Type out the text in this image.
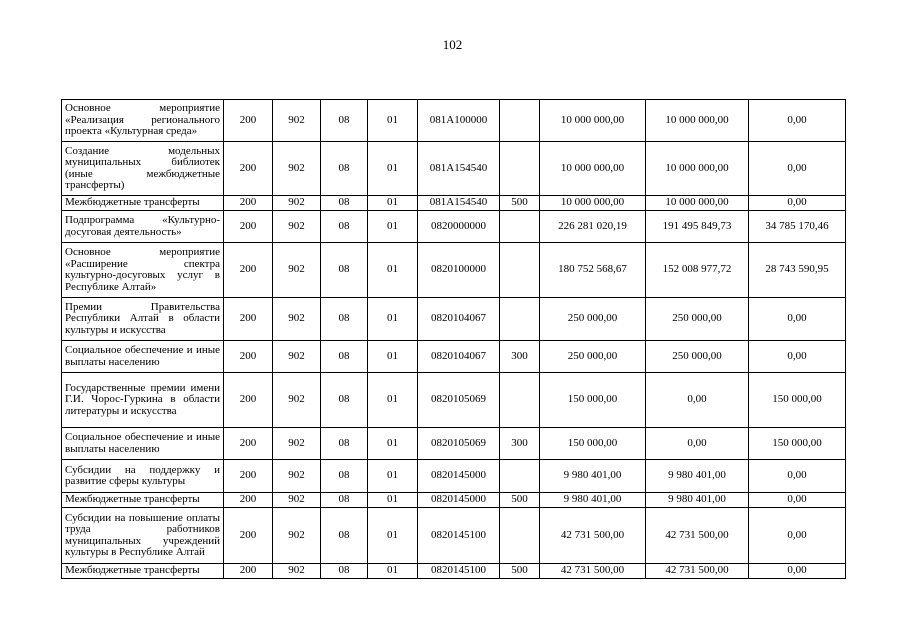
102
Основное мероприятие «Реализация регионального проекта «Культурная среда»	200	902	08	01	081A100000		10 000 000,00	10 000 000,00	0,00
Создание модельных муниципальных библиотек (иные межбюджетные трансферты)	200	902	08	01	081A154540		10 000 000,00	10 000 000,00	0,00
Межбюджетные трансферты	200	902	08	01	081A154540	500	10 000 000,00	10 000 000,00	0,00
Подпрограмма «Культурно-досуговая деятельность»	200	902	08	01	0820000000		226 281 020,19	191 495 849,73	34 785 170,46
Основное мероприятие «Расширение спектра культурно-досуговых услуг в Республике Алтай»	200	902	08	01	0820100000		180 752 568,67	152 008 977,72	28 743 590,95
Премии Правительства Республики Алтай в области культуры и искусства	200	902	08	01	0820104067		250 000,00	250 000,00	0,00
Социальное обеспечение и иные выплаты населению	200	902	08	01	0820104067	300	250 000,00	250 000,00	0,00
Государственные премии имени Г.И. Чорос-Гуркина в области литературы и искусства	200	902	08	01	0820105069		150 000,00	0,00	150 000,00
Социальное обеспечение и иные выплаты населению	200	902	08	01	0820105069	300	150 000,00	0,00	150 000,00
Субсидии на поддержку и развитие сферы культуры	200	902	08	01	0820145000		9 980 401,00	9 980 401,00	0,00
Межбюджетные трансферты	200	902	08	01	0820145000	500	9 980 401,00	9 980 401,00	0,00
Субсидии на повышение оплаты труда работников муниципальных учреждений культуры в Республике Алтай	200	902	08	01	0820145100		42 731 500,00	42 731 500,00	0,00
Межбюджетные трансферты	200	902	08	01	0820145100	500	42 731 500,00	42 731 500,00	0,00
